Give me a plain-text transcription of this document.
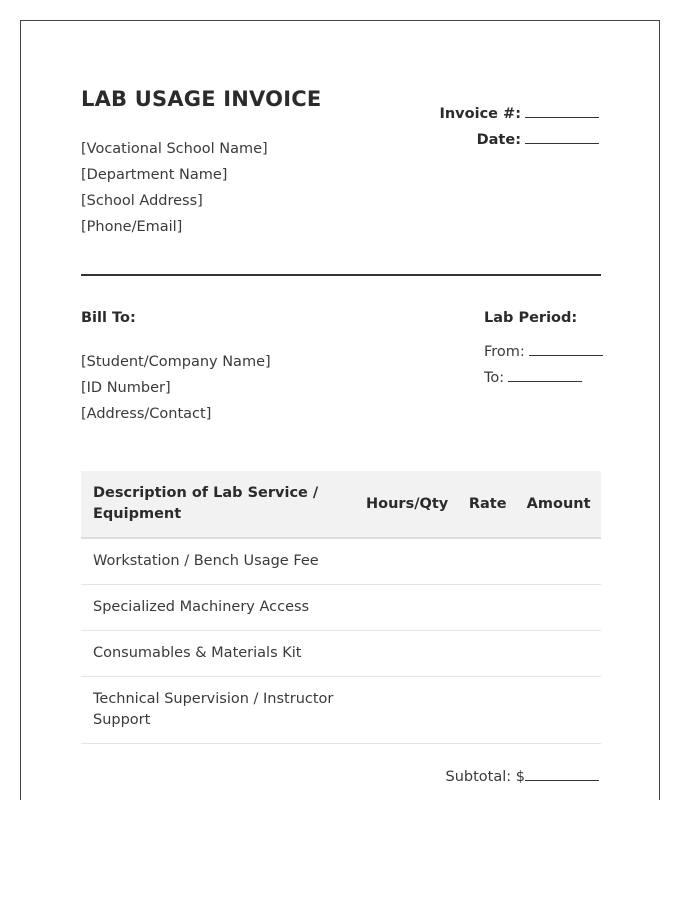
LAB USAGE INVOICE
[Vocational School Name]
[Department Name]
[School Address]
[Phone/Email]
Invoice #:
Date:
Bill To:
[Student/Company Name]
[ID Number]
[Address/Contact]
Lab Period:
From:
To:
Description of Lab Service / Equipment	Hours/Qty	Rate	Amount
Workstation / Bench Usage Fee			
Specialized Machinery Access			
Consumables & Materials Kit			
Technical Supervision / Instructor Support			
Subtotal: $
